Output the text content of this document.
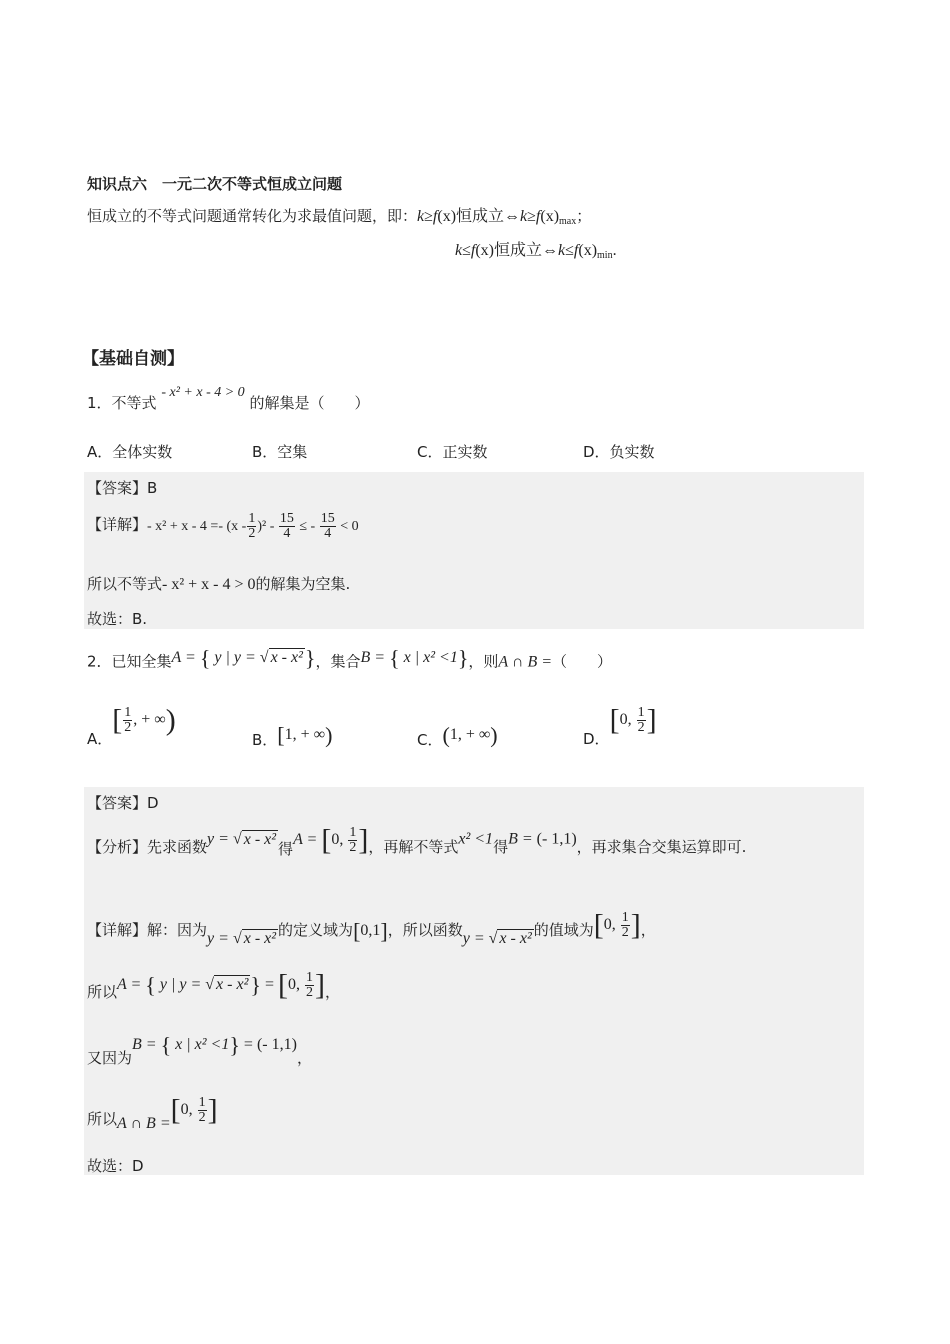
知识点六　一元二次不等式恒成立问题
恒成立的不等式问题通常转化为求最值问题，即：k≥f(x)恒成立$\Leftrightarrow k\ge f(x)_{max}$；
k≤f(x)恒成立$\Leftrightarrow k\le f(x)_{min}$.
【基础自测】
1．不等式 - x² + x - 4 > 0 的解集是（　　）
A．全体实数	B．空集	C．正实数	D．负实数
【答案】B
【详解】- $x^2 + x - 4 =- (x - \frac{1}{2} )^2 - \frac{15}{4}$ ≤ - $\frac{15}{4} < 0$
所以不等式- x² + x - 4 > 0的解集为空集.
故选：B.
2．已知全集A = { y | y = √ x - x²}，集合B = { x | x² <1}，则A ∩ B =（　　）
A．[ $\frac{1}{2}$ , + ∞)
B．[1, + ∞)	C．(1, + ∞)	D．[0, $\frac{1}{2}$ ]
【答案】D
【分析】先求函数y = √ x - x²得A = [0, $\frac{1}{2}$ ]，再解不等式x² <1得B = (- 1,1)，再求集合交集运算即可.
【详解】解：因为y = √ x - x² 的定义域为[0,1]，所以函数y = √ x - x² 的值域为[0, $\frac{1}{2}$ ]，
所以A = { y | y = √ x - x²} = [0, $\frac{1}{2}$ ]，
又因为B = { x | x² <1} = (- 1,1)，
所以A ∩ B =[0, $\frac{1}{2}$ ]
故选：D
